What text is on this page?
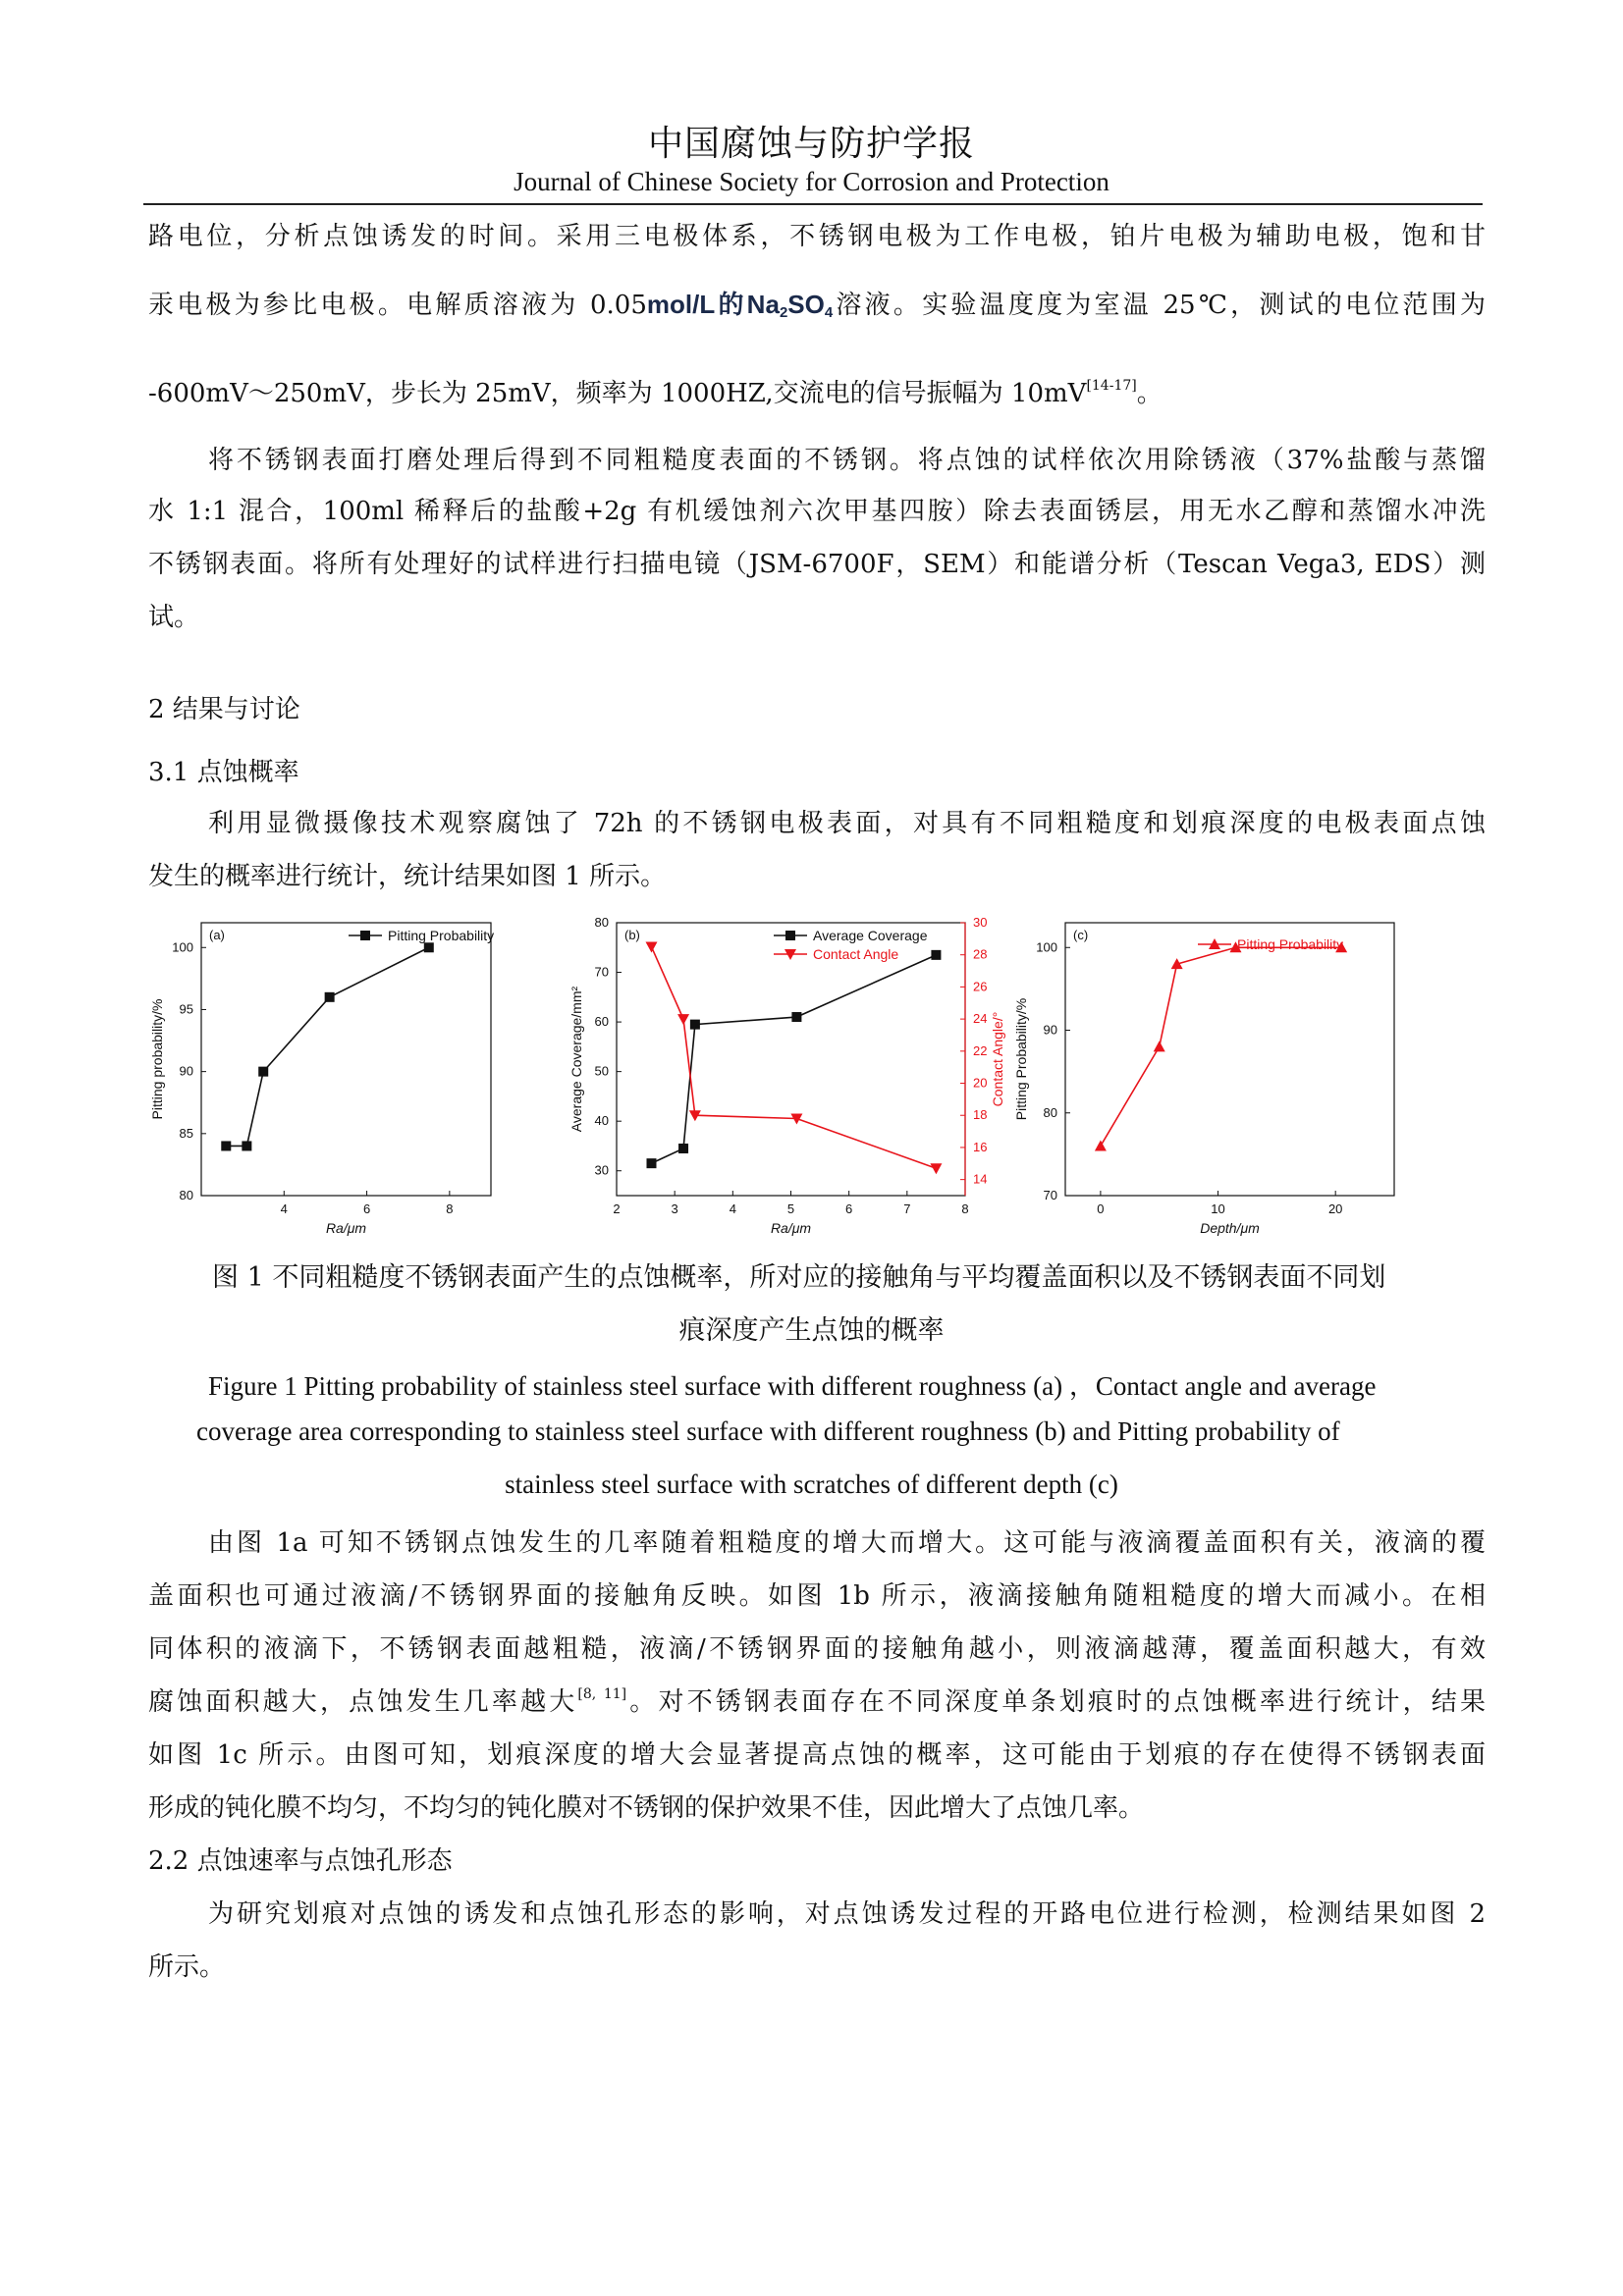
中国腐蚀与防护学报
Journal of Chinese Society for Corrosion and Protection
路电位，分析点蚀诱发的时间。采用三电极体系，不锈钢电极为工作电极，铂片电极为辅助电极，饱和甘
汞电极为参比电极。电解质溶液为 0.05mol/L的$Na_2SO_4$溶液。实验温度度为室温 25℃，测试的电位范围为
-600mV～250mV，步长为 25mV，频率为 1000HZ,交流电的信号振幅为 10mV[14-17]。
将不锈钢表面打磨处理后得到不同粗糙度表面的不锈钢。将点蚀的试样依次用除锈液（37%盐酸与蒸馏
水 1:1 混合，100ml 稀释后的盐酸+2g 有机缓蚀剂六次甲基四胺）除去表面锈层，用无水乙醇和蒸馏水冲洗
不锈钢表面。将所有处理好的试样进行扫描电镜（JSM-6700F，SEM）和能谱分析（Tescan Vega3, EDS）测
试。
2 结果与讨论
3.1 点蚀概率
利用显微摄像技术观察腐蚀了 72h 的不锈钢电极表面，对具有不同粗糙度和划痕深度的电极表面点蚀
发生的概率进行统计，统计结果如图 1 所示。
(a)
4	6	8
80
85
90
95
100
Ra/μm
Pitting probability/%
Pitting Probability	(b)
2	3	4	5	6	7	8
30
40
50
60
70
80
14
16
18
20
22
24
26
28
30
Contact Angle/°
Ra/μm
Average Coverage/mm²
Average Coverage
Contact Angle
(c)
0	10	20
70
80
90
100
Depth/μm
Pitting Probability/%
Pitting Probability
图 1 不同粗糙度不锈钢表面产生的点蚀概率，所对应的接触角与平均覆盖面积以及不锈钢表面不同划
痕深度产生点蚀的概率
Figure 1 Pitting probability of stainless steel surface with different roughness (a) ，Contact angle and average
coverage area corresponding to stainless steel surface with different roughness (b) and Pitting probability of
stainless steel surface with scratches of different depth (c)
由图 1a 可知不锈钢点蚀发生的几率随着粗糙度的增大而增大。这可能与液滴覆盖面积有关，液滴的覆
盖面积也可通过液滴/不锈钢界面的接触角反映。如图 1b 所示，液滴接触角随粗糙度的增大而减小。在相
同体积的液滴下，不锈钢表面越粗糙，液滴/不锈钢界面的接触角越小，则液滴越薄，覆盖面积越大，有效
腐蚀面积越大，点蚀发生几率越大[8, 11]。对不锈钢表面存在不同深度单条划痕时的点蚀概率进行统计，结果
如图 1c 所示。由图可知，划痕深度的增大会显著提高点蚀的概率，这可能由于划痕的存在使得不锈钢表面
形成的钝化膜不均匀，不均匀的钝化膜对不锈钢的保护效果不佳，因此增大了点蚀几率。
2.2 点蚀速率与点蚀孔形态
为研究划痕对点蚀的诱发和点蚀孔形态的影响，对点蚀诱发过程的开路电位进行检测，检测结果如图 2
所示。
